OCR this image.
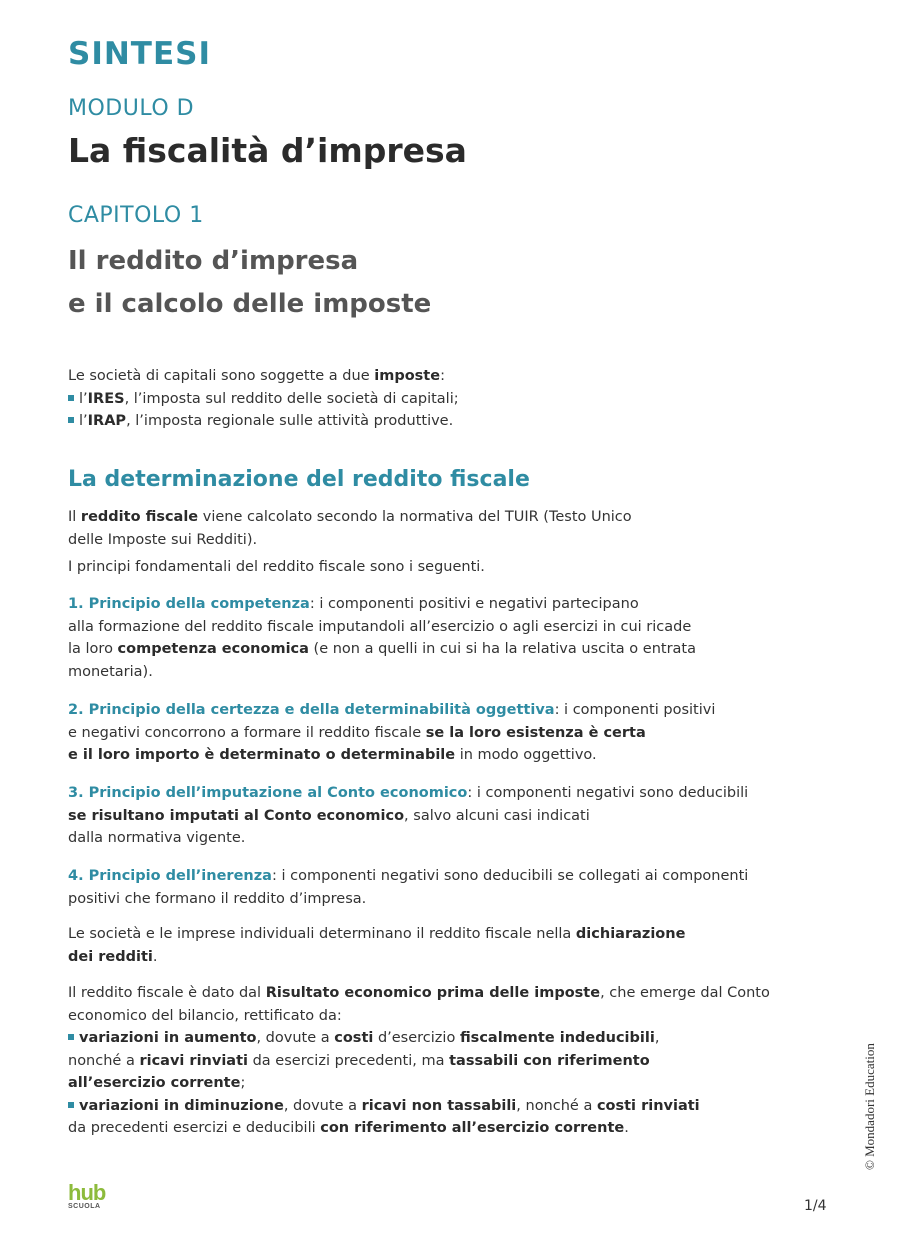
SINTESI
MODULO D
La fiscalità d’impresa
CAPITOLO 1
Il reddito d’impresa
e il calcolo delle imposte
Le società di capitali sono soggette a due imposte:
l’IRES, l’imposta sul reddito delle società di capitali;
l’IRAP, l’imposta regionale sulle attività produttive.
La determinazione del reddito fiscale
Il reddito fiscale viene calcolato secondo la normativa del TUIR (Testo Unico
delle Imposte sui Redditi).
I principi fondamentali del reddito fiscale sono i seguenti.
1. Principio della competenza: i componenti positivi e negativi partecipano
alla formazione del reddito fiscale imputandoli all’esercizio o agli esercizi in cui ricade
la loro competenza economica (e non a quelli in cui si ha la relativa uscita o entrata
monetaria).
2. Principio della certezza e della determinabilità oggettiva: i componenti positivi
e negativi concorrono a formare il reddito fiscale se la loro esistenza è certa
e il loro importo è determinato o determinabile in modo oggettivo.
3. Principio dell’imputazione al Conto economico: i componenti negativi sono deducibili
se risultano imputati al Conto economico, salvo alcuni casi indicati
dalla normativa vigente.
4. Principio dell’inerenza: i componenti negativi sono deducibili se collegati ai componenti
positivi che formano il reddito d’impresa.
Le società e le imprese individuali determinano il reddito fiscale nella dichiarazione
dei redditi.
Il reddito fiscale è dato dal Risultato economico prima delle imposte, che emerge dal Conto
economico del bilancio, rettificato da:
variazioni in aumento, dovute a costi d’esercizio fiscalmente indeducibili,
nonché a ricavi rinviati da esercizi precedenti, ma tassabili con riferimento
all’esercizio corrente;
variazioni in diminuzione, dovute a ricavi non tassabili, nonché a costi rinviati
da precedenti esercizi e deducibili con riferimento all’esercizio corrente.	© Mondadori Education
hub
SCUOLA	1/4
